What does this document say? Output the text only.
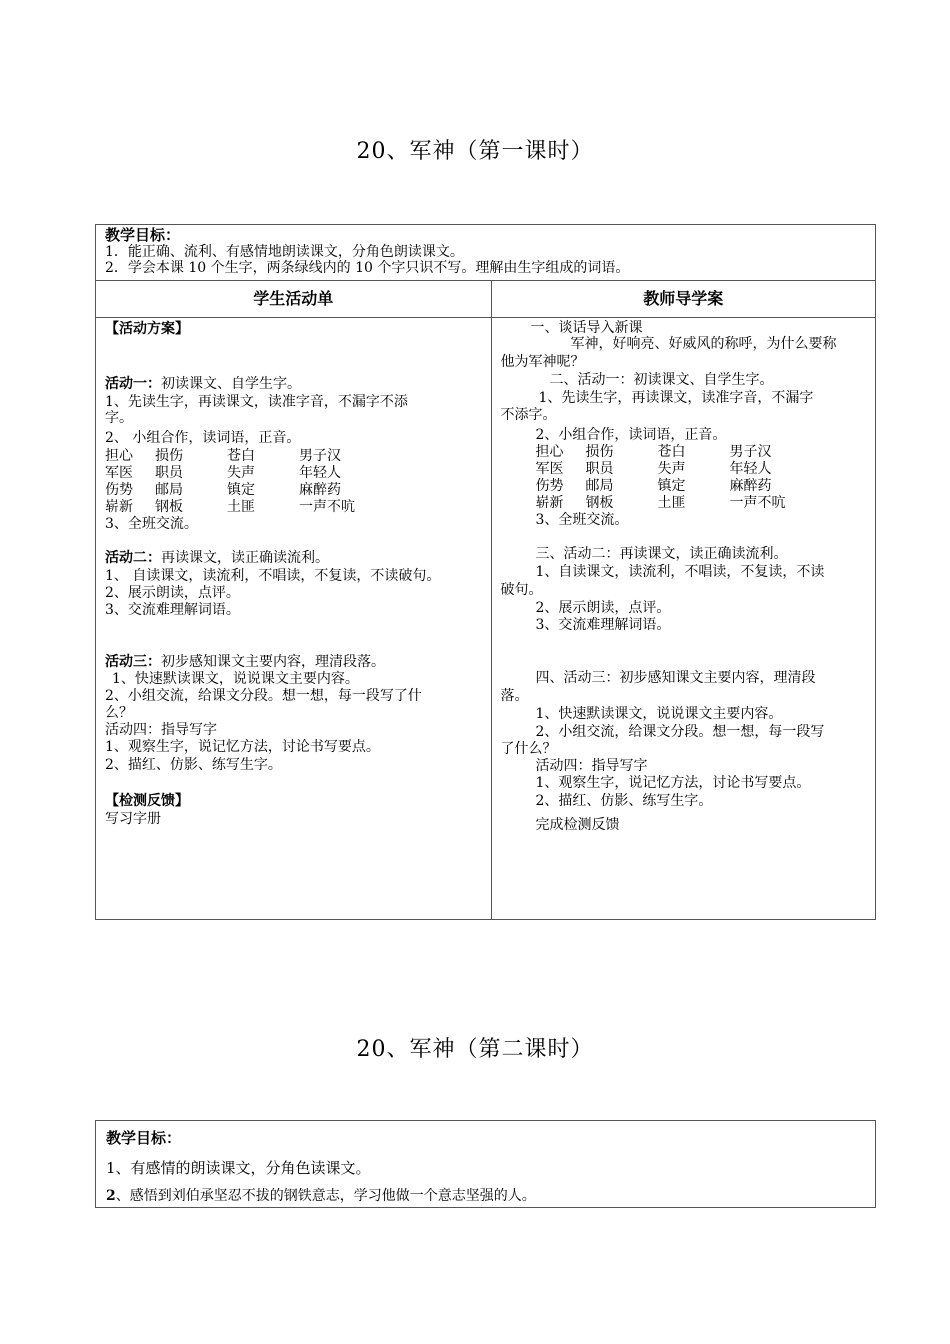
20、军神（第一课时）
教学目标：
1．能正确、流利、有感情地朗读课文，分角色朗读课文。
2．学会本课 10 个生字，两条绿线内的 10 个字只识不写。理解由生字组成的词语。
学生活动单
【活动方案】
活动一：初读课文、自学生字。
1、先读生字，再读课文，读准字音，不漏字不添
字。
2、 小组合作，读词语，正音。
担心 损伤	苍白	男子汉
军医 职员	失声	年轻人
伤势 邮局	镇定	麻醉药
崭新 钢板	土匪	一声不吭
3、全班交流。
活动二：再读课文，读正确读流利。
1、 自读课文，读流利，不唱读，不复读，不读破句。
2、展示朗读，点评。
3、交流难理解词语。
活动三：初步感知课文主要内容，理清段落。
1、快速默读课文，说说课文主要内容。
2、小组交流，给课文分段。想一想，每一段写了什
么？
活动四：指导写字
1、观察生字，说记忆方法，讨论书写要点。
2、描红、仿影、练写生字。
【检测反馈】
写习字册
教师导学案
一、谈话导入新课
军神，好响亮、好威风的称呼，为什么要称
他为军神呢？
二、活动一：初读课文、自学生字。
1、先读生字，再读课文，读准字音，不漏字
不添字。
2、小组合作，读词语，正音。
担心 损伤	苍白	男子汉
军医 职员	失声	年轻人
伤势 邮局	镇定	麻醉药
崭新 钢板	土匪	一声不吭
3、全班交流。
三、活动二：再读课文，读正确读流利。
1、自读课文，读流利，不唱读，不复读，不读
破句。
2、展示朗读，点评。
3、交流难理解词语。
四、活动三：初步感知课文主要内容，理清段
落。
1、快速默读课文，说说课文主要内容。
2、小组交流，给课文分段。想一想，每一段写
了什么？
活动四：指导写字
1、观察生字，说记忆方法，讨论书写要点。
2、描红、仿影、练写生字。
完成检测反馈
20、军神（第二课时）
教学目标：
1、有感情的朗读课文，分角色读课文。
2、感悟到刘伯承坚忍不拔的钢铁意志，学习他做一个意志坚强的人。
